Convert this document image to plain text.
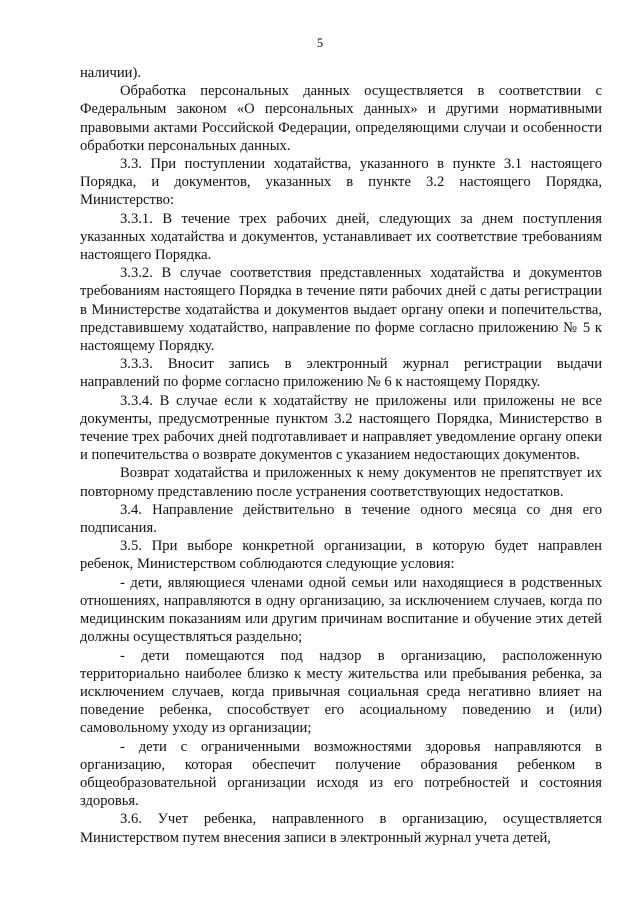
5

наличии).

Обработка персональных данных осуществляется в соответствии с Федеральным законом «О персональных данных» и другими нормативными правовыми актами Российской Федерации, определяющими случаи и особенности обработки персональных данных.

3.3. При поступлении ходатайства, указанного в пункте 3.1 настоящего Порядка, и документов, указанных в пункте 3.2 настоящего Порядка, Министерство:

3.3.1. В течение трех рабочих дней, следующих за днем поступления указанных ходатайства и документов, устанавливает их соответствие требованиям настоящего Порядка.

3.3.2. В случае соответствия представленных ходатайства и документов требованиям настоящего Порядка в течение пяти рабочих дней с даты регистрации в Министерстве ходатайства и документов выдает органу опеки и попечительства, представившему ходатайство, направление по форме согласно приложению № 5 к настоящему Порядку.

3.3.3. Вносит запись в электронный журнал регистрации выдачи направлений по форме согласно приложению № 6 к настоящему Порядку.

3.3.4. В случае если к ходатайству не приложены или приложены не все документы, предусмотренные пунктом 3.2 настоящего Порядка, Министерство в течение трех рабочих дней подготавливает и направляет уведомление органу опеки и попечительства о возврате документов с указанием недостающих документов.

Возврат ходатайства и приложенных к нему документов не препятствует их повторному представлению после устранения соответствующих недостатков.

3.4. Направление действительно в течение одного месяца со дня его подписания.

3.5. При выборе конкретной организации, в которую будет направлен ребенок, Министерством соблюдаются следующие условия:

- дети, являющиеся членами одной семьи или находящиеся в родственных отношениях, направляются в одну организацию, за исключением случаев, когда по медицинским показаниям или другим причинам воспитание и обучение этих детей должны осуществляться раздельно;

- дети помещаются под надзор в организацию, расположенную территориально наиболее близко к месту жительства или пребывания ребенка, за исключением случаев, когда привычная социальная среда негативно влияет на поведение ребенка, способствует его асоциальному поведению и (или) самовольному уходу из организации;

- дети с ограниченными возможностями здоровья направляются в организацию, которая обеспечит получение образования ребенком в общеобразовательной организации исходя из его потребностей и состояния здоровья.

3.6. Учет ребенка, направленного в организацию, осуществляется Министерством путем внесения записи в электронный журнал учета детей,
